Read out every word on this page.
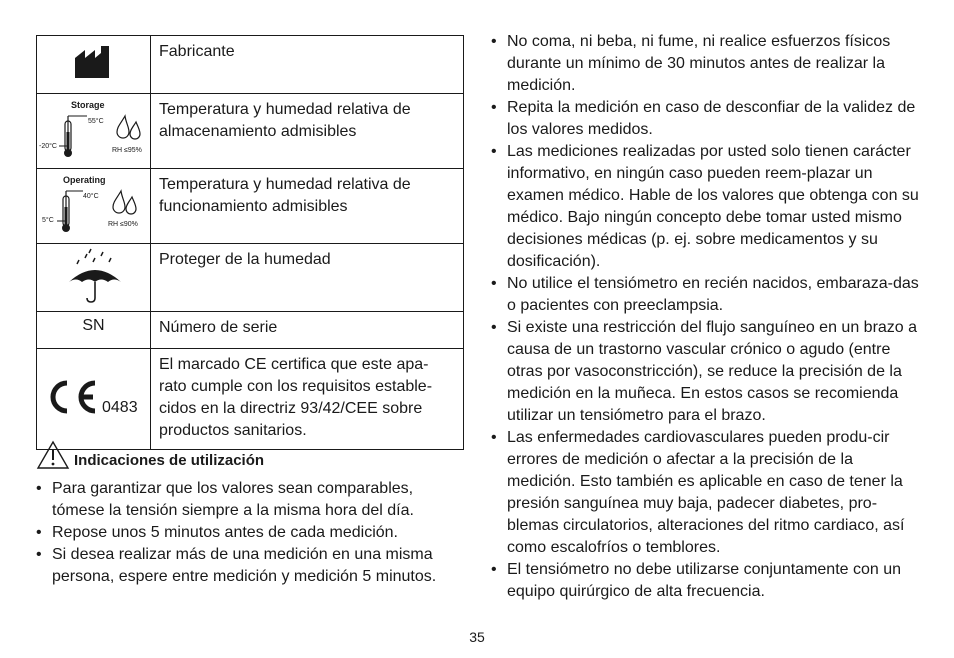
	Fabricante

Storage
55°C
-20°C
RH ≤95%	Temperatura y humedad relativa de almacenamiento admisibles

Operating
40°C
5°C
RH ≤90%	Temperatura y humedad relativa de funcionamiento admisibles

	Proteger de la humedad
SN	Número de serie

0483	El marcado CE certifica que este apa-rato cumple con los requisitos estable-cidos en la directriz 93/42/CEE sobre productos sanitarios.
Indicaciones de utilización
• Para garantizar que los valores sean comparables, tómese la tensión siempre a la misma hora del día.
• Repose unos 5 minutos antes de cada medición.
• Si desea realizar más de una medición en una misma persona, espere entre medición y medición 5 minutos.
• No coma, ni beba, ni fume, ni realice esfuerzos físicos durante un mínimo de 30 minutos antes de realizar la medición.
• Repita la medición en caso de desconfiar de la validez de los valores medidos.
• Las mediciones realizadas por usted solo tienen carácter informativo, en ningún caso pueden reem-plazar un examen médico. Hable de los valores que obtenga con su médico. Bajo ningún concepto debe tomar usted mismo decisiones médicas (p. ej. sobre medicamentos y su dosificación).
• No utilice el tensiómetro en recién nacidos, embaraza-das o pacientes con preeclampsia.
• Si existe una restricción del flujo sanguíneo en un brazo a causa de un trastorno vascular crónico o agudo (entre otras por vasoconstricción), se reduce la precisión de la medición en la muñeca. En estos casos se recomienda utilizar un tensiómetro para el brazo.
• Las enfermedades cardiovasculares pueden produ-cir errores de medición o afectar a la precisión de la medición. Esto también es aplicable en caso de tener la presión sanguínea muy baja, padecer diabetes, pro-blemas circulatorios, alteraciones del ritmo cardiaco, así como escalofríos o temblores.
• El tensiómetro no debe utilizarse conjuntamente con un equipo quirúrgico de alta frecuencia.
35
